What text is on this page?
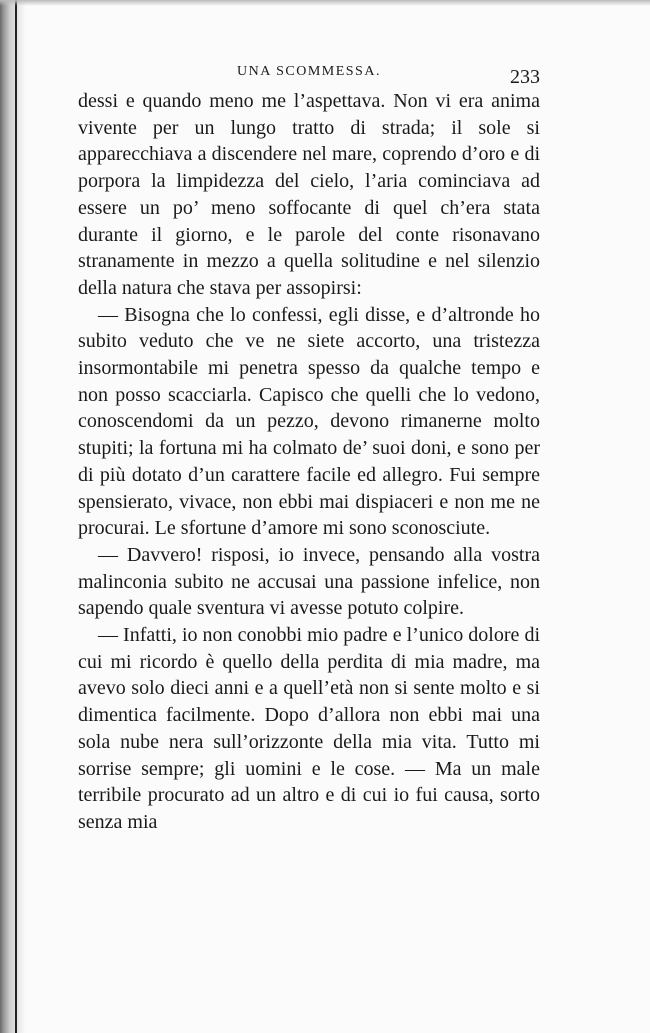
UNA SCOMMESSA.	233

dessi e quando meno me l’aspettava. Non vi era anima vivente per un lungo tratto di strada; il sole si apparecchiava a discendere nel mare, coprendo d’oro e di porpora la limpidezza del cielo, l’aria cominciava ad essere un po’ meno soffocante di quel ch’era stata durante il giorno, e le parole del conte risonavano stranamente in mezzo a quella solitudine e nel silenzio della natura che stava per assopirsi:

— Bisogna che lo confessi, egli disse, e d’altronde ho subito veduto che ve ne siete accorto, una tristezza insormontabile mi penetra spesso da qualche tempo e non posso scacciarla. Capisco che quelli che lo vedono, conoscendomi da un pezzo, devono rimanerne molto stupiti; la fortuna mi ha colmato de’ suoi doni, e sono per di più dotato d’un carattere facile ed allegro. Fui sempre spensierato, vivace, non ebbi mai dispiaceri e non me ne procurai. Le sfortune d’amore mi sono sconosciute.

— Davvero! risposi, io invece, pensando alla vostra malinconia subito ne accusai una passione infelice, non sapendo quale sventura vi avesse potuto colpire.

— Infatti, io non conobbi mio padre e l’unico dolore di cui mi ricordo è quello della perdita di mia madre, ma avevo solo dieci anni e a quell’età non si sente molto e si dimentica facilmente. Dopo d’allora non ebbi mai una sola nube nera sull’orizzonte della mia vita. Tutto mi sorrise sempre; gli uomini e le cose. — Ma un male terribile procurato ad un altro e di cui io fui causa, sorto senza mia
